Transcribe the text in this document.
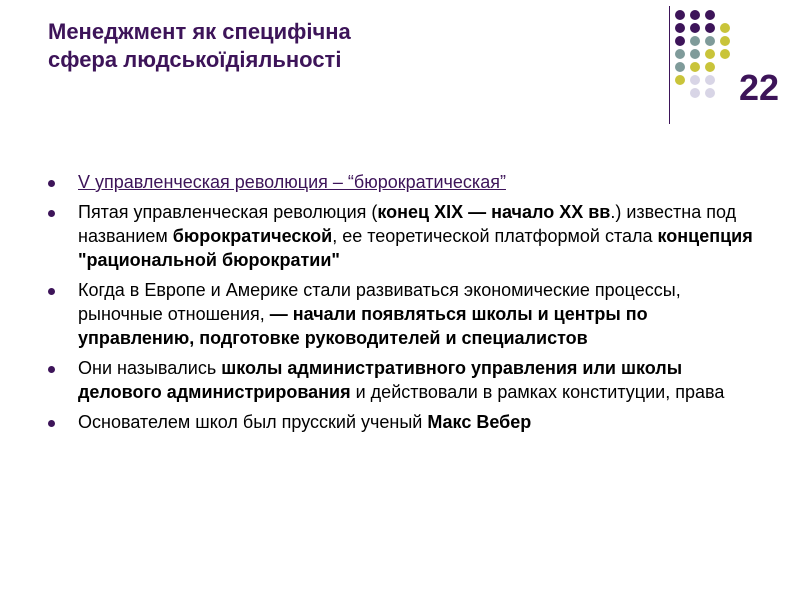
Менеджмент як специфічна
сфера людськоїдіяльності
22
V управленческая революция – “бюрократическая”
Пятая управленческая революция (конец XIX — начало XX вв.) известна под названием бюрократической, ее теоретической платформой стала концепция "рациональной бюрократии"
Когда в Европе и Америке стали развиваться экономические процессы, рыночные отношения, — начали появляться школы и центры по управлению, подготовке руководителей и специалистов
Они назывались школы административного управления или школы делового администрирования и действовали в рамках конституции, права
Основателем школ был прусский ученый Макс Вебер
